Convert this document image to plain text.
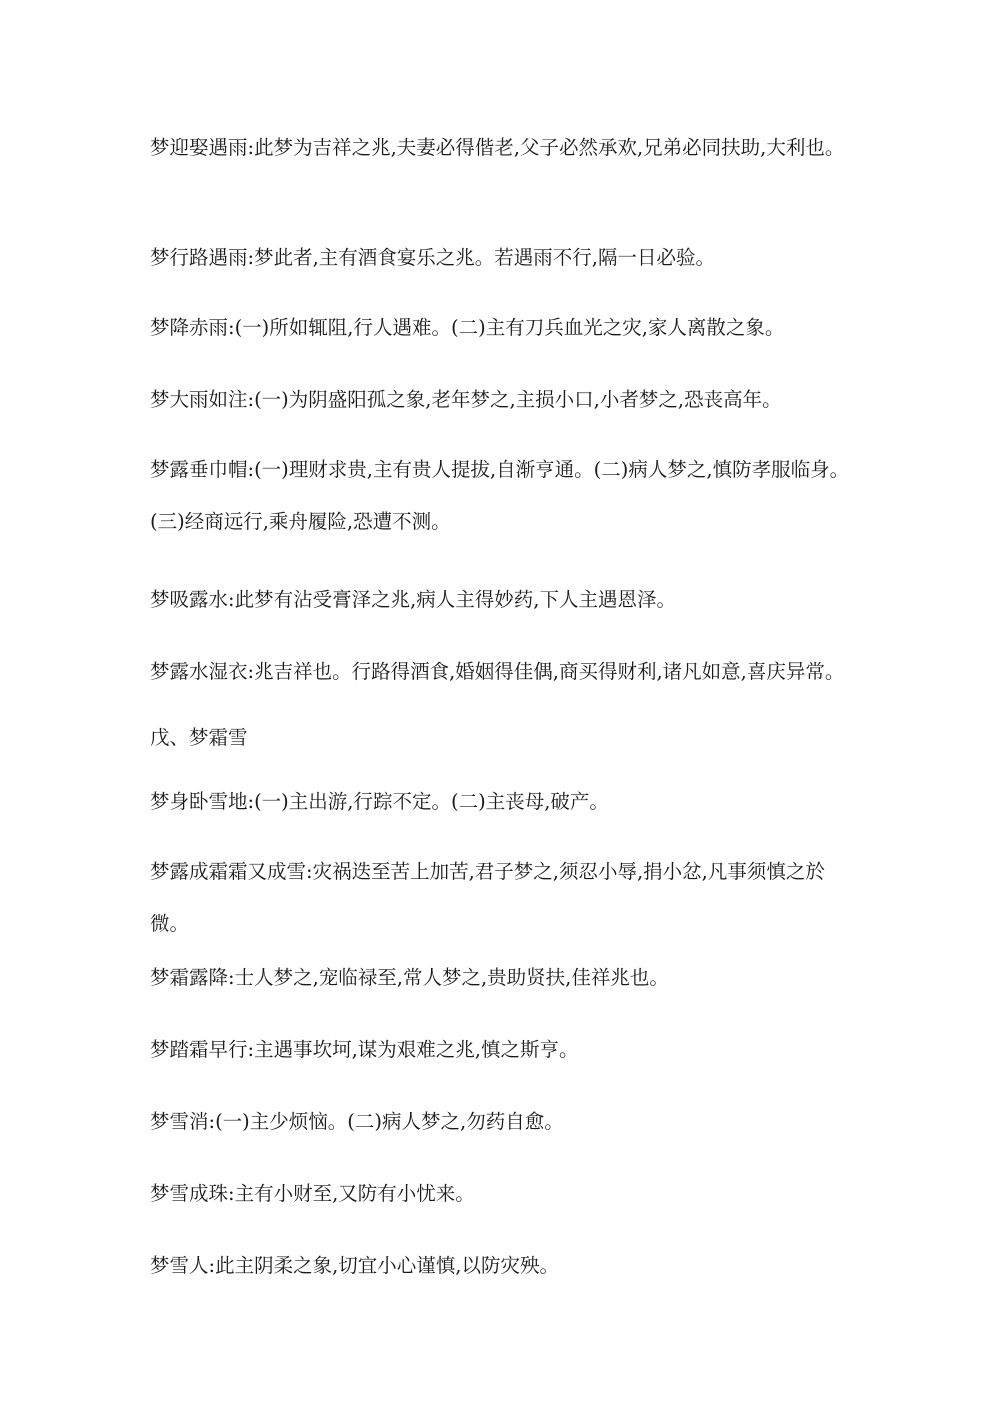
梦迎娶遇雨:此梦为吉祥之兆,夫妻必得偕老,父子必然承欢,兄弟必同扶助,大利也。

梦行路遇雨:梦此者,主有酒食宴乐之兆。若遇雨不行,隔一日必验。

梦降赤雨:(一)所如辄阻,行人遇难。(二)主有刀兵血光之灾,家人离散之象。

梦大雨如注:(一)为阴盛阳孤之象,老年梦之,主损小口,小者梦之,恐丧高年。

梦露垂巾帽:(一)理财求贵,主有贵人提拔,自渐亨通。(二)病人梦之,慎防孝服临身。(三)经商远行,乘舟履险,恐遭不测。

梦吸露水:此梦有沾受膏泽之兆,病人主得妙药,下人主遇恩泽。

梦露水湿衣:兆吉祥也。行路得酒食,婚姻得佳偶,商买得财利,诸凡如意,喜庆异常。

戊、梦霜雪

梦身卧雪地:(一)主出游,行踪不定。(二)主丧母,破产。

梦露成霜霜又成雪:灾祸迭至苦上加苦,君子梦之,须忍小辱,捐小忿,凡事须慎之於微。

梦霜露降:士人梦之,宠临禄至,常人梦之,贵助贤扶,佳祥兆也。

梦踏霜早行:主遇事坎坷,谋为艰难之兆,慎之斯亨。

梦雪消:(一)主少烦恼。(二)病人梦之,勿药自愈。

梦雪成珠:主有小财至,又防有小忧来。

梦雪人:此主阴柔之象,切宜小心谨慎,以防灾殃。
